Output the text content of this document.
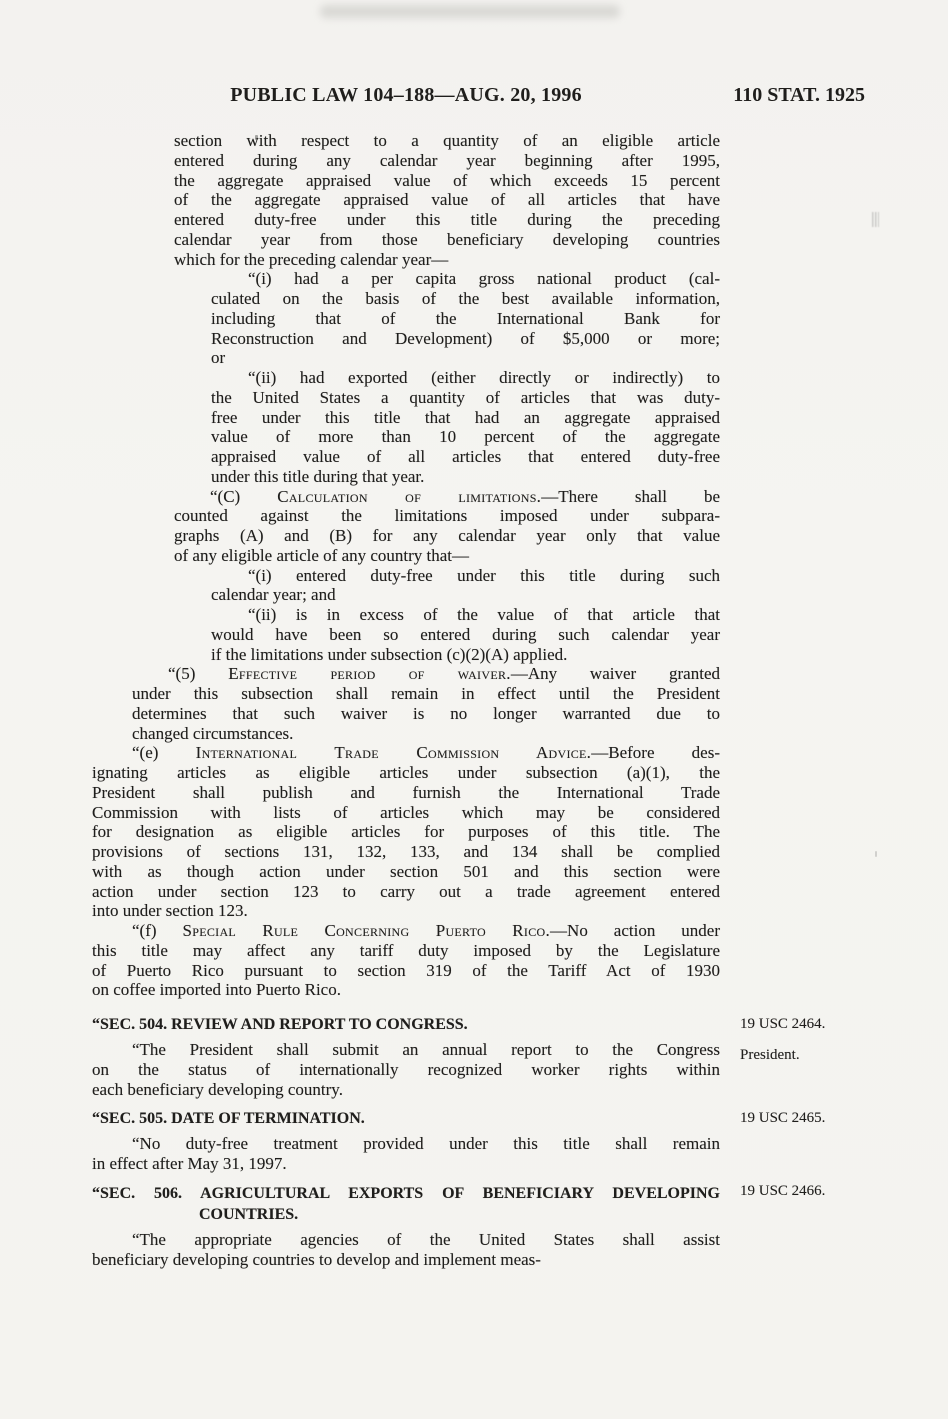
PUBLIC LAW 104–188—AUG. 20, 1996	110 STAT. 1925
section with respect to a quantity of an eligible article
entered during any calendar year beginning after 1995,
the aggregate appraised value of which exceeds 15 percent
of the aggregate appraised value of all articles that have
entered duty-free under this title during the preceding
calendar year from those beneficiary developing countries
which for the preceding calendar year—
“(i) had a per capita gross national product (cal-
culated on the basis of the best available information,
including that of the International Bank for
Reconstruction and Development) of $5,000 or more;
or
“(ii) had exported (either directly or indirectly) to
the United States a quantity of articles that was duty-
free under this title that had an aggregate appraised
value of more than 10 percent of the aggregate
appraised value of all articles that entered duty-free
under this title during that year.
“(C) Calculation of limitations.—There shall be
counted against the limitations imposed under subpara-
graphs (A) and (B) for any calendar year only that value
of any eligible article of any country that—
“(i) entered duty-free under this title during such
calendar year; and
“(ii) is in excess of the value of that article that
would have been so entered during such calendar year
if the limitations under subsection (c)(2)(A) applied.
“(5) Effective period of waiver.—Any waiver granted
under this subsection shall remain in effect until the President
determines that such waiver is no longer warranted due to
changed circumstances.
“(e) International Trade Commission Advice.—Before des-
ignating articles as eligible articles under subsection (a)(1), the
President shall publish and furnish the International Trade
Commission with lists of articles which may be considered
for designation as eligible articles for purposes of this title. The
provisions of sections 131, 132, 133, and 134 shall be complied
with as though action under section 501 and this section were
action under section 123 to carry out a trade agreement entered
into under section 123.
“(f) Special Rule Concerning Puerto Rico.—No action under
this title may affect any tariff duty imposed by the Legislature
of Puerto Rico pursuant to section 319 of the Tariff Act of 1930
on coffee imported into Puerto Rico.
“SEC. 504. REVIEW AND REPORT TO CONGRESS.
“The President shall submit an annual report to the Congress
on the status of internationally recognized worker rights within
each beneficiary developing country.
“SEC. 505. DATE OF TERMINATION.
“No duty-free treatment provided under this title shall remain
in effect after May 31, 1997.
“SEC. 506. AGRICULTURAL EXPORTS OF BENEFICIARY DEVELOPING
COUNTRIES.
“The appropriate agencies of the United States shall assist
beneficiary developing countries to develop and implement meas-
19 USC 2464.
President.
19 USC 2465.
19 USC 2466.
